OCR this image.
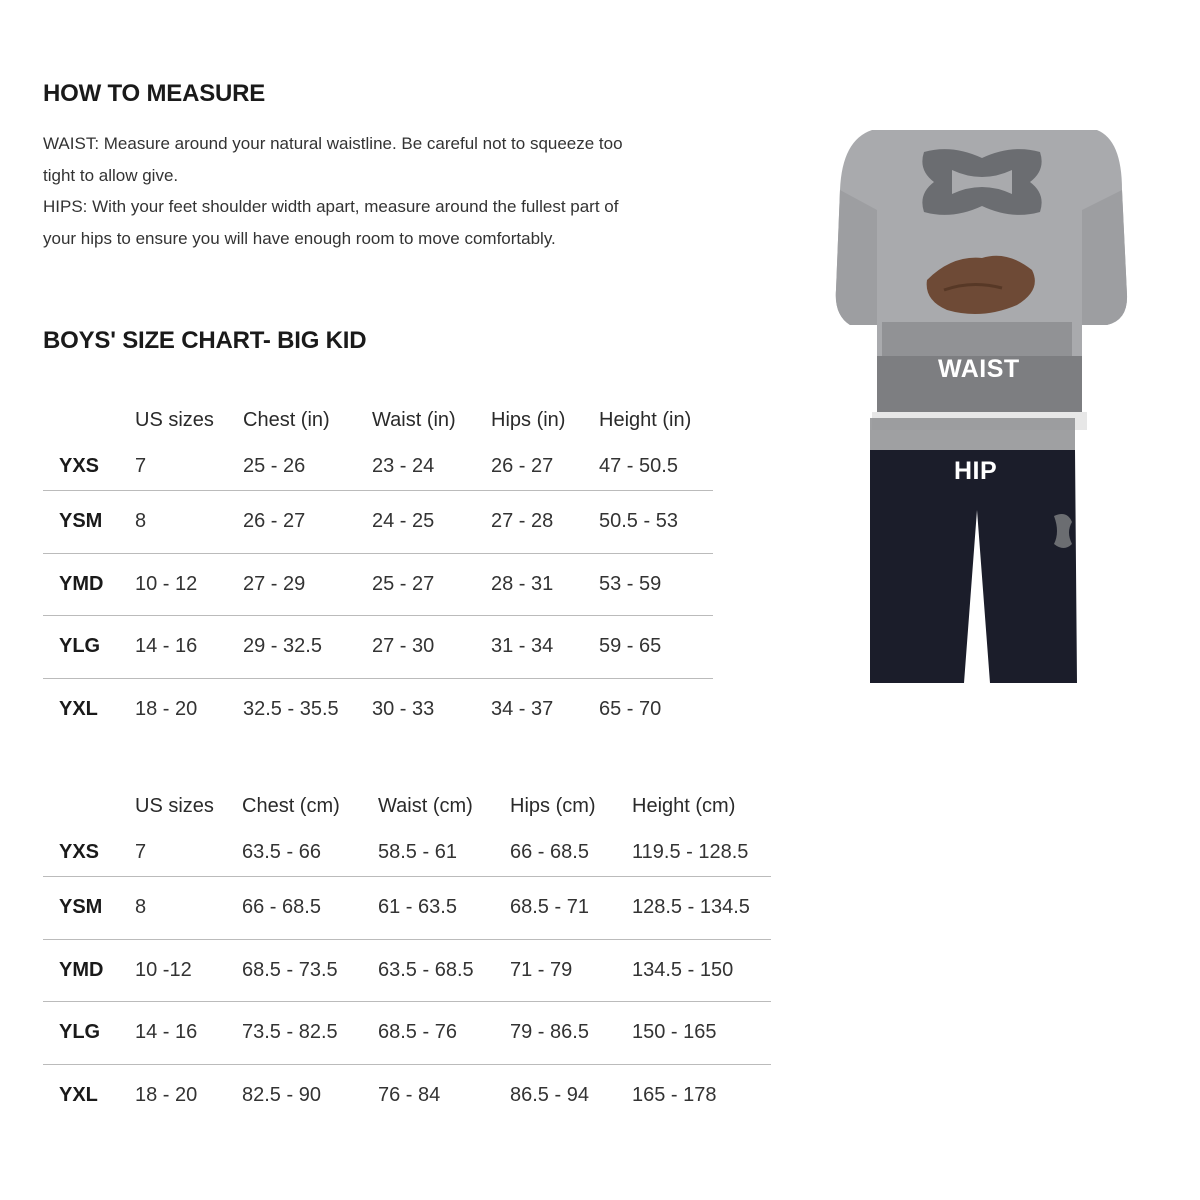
HOW TO MEASURE

WAIST: Measure around your natural waistline. Be careful not to squeeze too tight to allow give.

HIPS: With your feet shoulder width apart, measure around the fullest part of your hips to ensure you will have enough room to move comfortably.

BOYS' SIZE CHART- BIG KID
	US sizes	Chest (in)	Waist (in)	Hips (in)	Height (in)
YXS	7	25 - 26	23 - 24	26 - 27	47 - 50.5
YSM	8	26 - 27	24 - 25	27 - 28	50.5 - 53
YMD	10 - 12	27 - 29	25 - 27	28 - 31	53 - 59
YLG	14 - 16	29 - 32.5	27 - 30	31 - 34	59 - 65
YXL	18 - 20	32.5 - 35.5	30 - 33	34 - 37	65 - 70
	US sizes	Chest (cm)	Waist (cm)	Hips (cm)	Height (cm)
YXS	7	63.5 - 66	58.5 - 61	66 - 68.5	119.5 - 128.5
YSM	8	66 - 68.5	61 - 63.5	68.5 - 71	128.5 - 134.5
YMD	10 -12	68.5 - 73.5	63.5 - 68.5	71 - 79	134.5 - 150
YLG	14 - 16	73.5 - 82.5	68.5 - 76	79 - 86.5	150 - 165
YXL	18 - 20	82.5 - 90	76 - 84	86.5 - 94	165 - 178
WAIST
HIP
